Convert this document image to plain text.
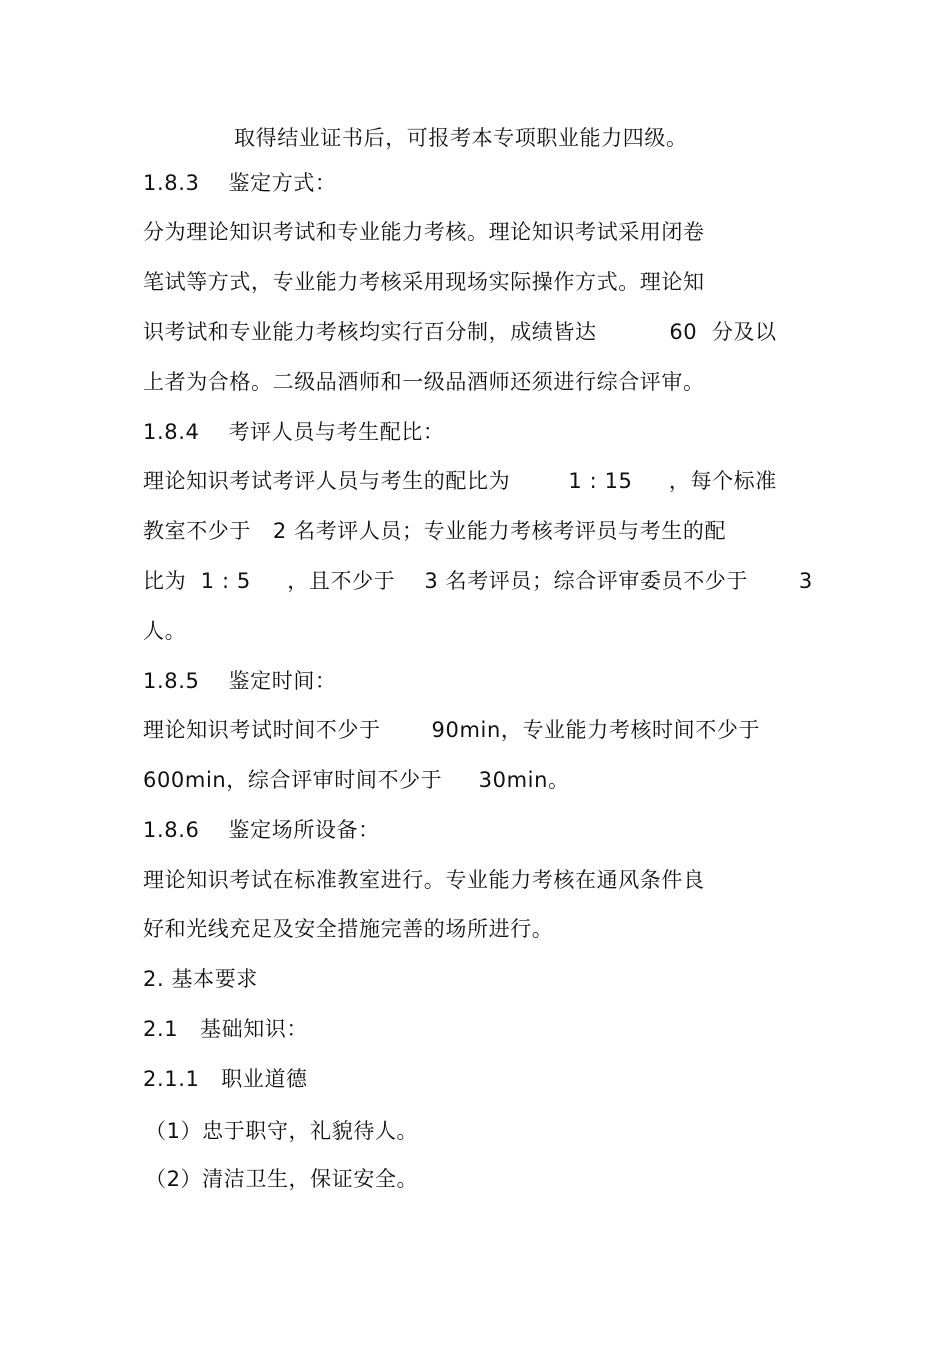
取得结业证书后，可报考本专项职业能力四级。
1.8.3    鉴定方式：
分为理论知识考试和专业能力考核。理论知识考试采用闭卷
笔试等方式，专业能力考核采用现场实际操作方式。理论知
识考试和专业能力考核均实行百分制，成绩皆达          60  分及以
上者为合格。二级品酒师和一级品酒师还须进行综合评审。
1.8.4    考评人员与考生配比：
理论知识考试考评人员与考生的配比为        1 : 15     ，每个标准
教室不少于   2 名考评人员；专业能力考核考评员与考生的配
比为  1 : 5     ，且不少于    3 名考评员；综合评审委员不少于       3
人。
1.8.5    鉴定时间：
理论知识考试时间不少于       90min，专业能力考核时间不少于
600min，综合评审时间不少于     30min。
1.8.6    鉴定场所设备：
理论知识考试在标准教室进行。专业能力考核在通风条件良
好和光线充足及安全措施完善的场所进行。
2. 基本要求
2.1   基础知识：
2.1.1   职业道德
（1）忠于职守，礼貌待人。
（2）清洁卫生，保证安全。
